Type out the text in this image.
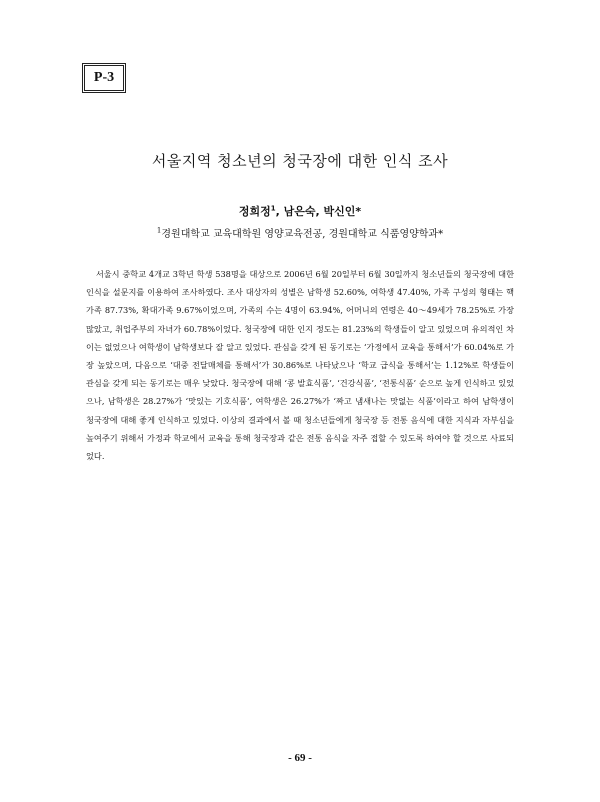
P-3
서울지역 청소년의 청국장에 대한 인식 조사
정희정$^1$, 남은숙, 박신인*
$^1$경원대학교 교육대학원 영양교육전공, 경원대학교 식품영양학과*

서울시 중학교 4개교 3학년 학생 538명을 대상으로 2006년 6월 20일부터 6월 30일까지 청소년들의 청국장에 대한 인식을 설문지를 이용하여 조사하였다. 조사 대상자의 성별은 남학생 52.60%, 여학생 47.40%, 가족 구성의 형태는 핵가족 87.73%, 확대가족 9.67%이었으며, 가족의 수는 4명이 63.94%, 어머니의 연령은 40～49세가 78.25%로 가장 많았고, 취업주부의 자녀가 60.78%이었다. 청국장에 대한 인지 정도는 81.23%의 학생들이 알고 있었으며 유의적인 차이는 없었으나 여학생이 남학생보다 잘 알고 있었다. 관심을 갖게 된 동기로는 ‘가정에서 교육을 통해서’가 60.04%로 가장 높았으며, 다음으로 ‘대중 전달매체를 통해서’가 30.86%로 나타났으나 ‘학교 급식을 통해서’는 1.12%로 학생들이 관심을 갖게 되는 동기로는 매우 낮았다. 청국장에 대해 ‘콩 발효식품’, ‘건강식품’, ‘전통식품’ 순으로 높게 인식하고 있었으나, 남학생은 28.27%가 ‘맛있는 기호식품’, 여학생은 26.27%가 ‘짜고 냄새나는 맛없는 식품’이라고 하여 남학생이 청국장에 대해 좋게 인식하고 있었다. 이상의 결과에서 볼 때 청소년들에게 청국장 등 전통 음식에 대한 지식과 자부심을 높여주기 위해서 가정과 학교에서 교육을 통해 청국장과 같은 전통 음식을 자주 접할 수 있도록 하여야 할 것으로 사료되었다.

- 69 -
